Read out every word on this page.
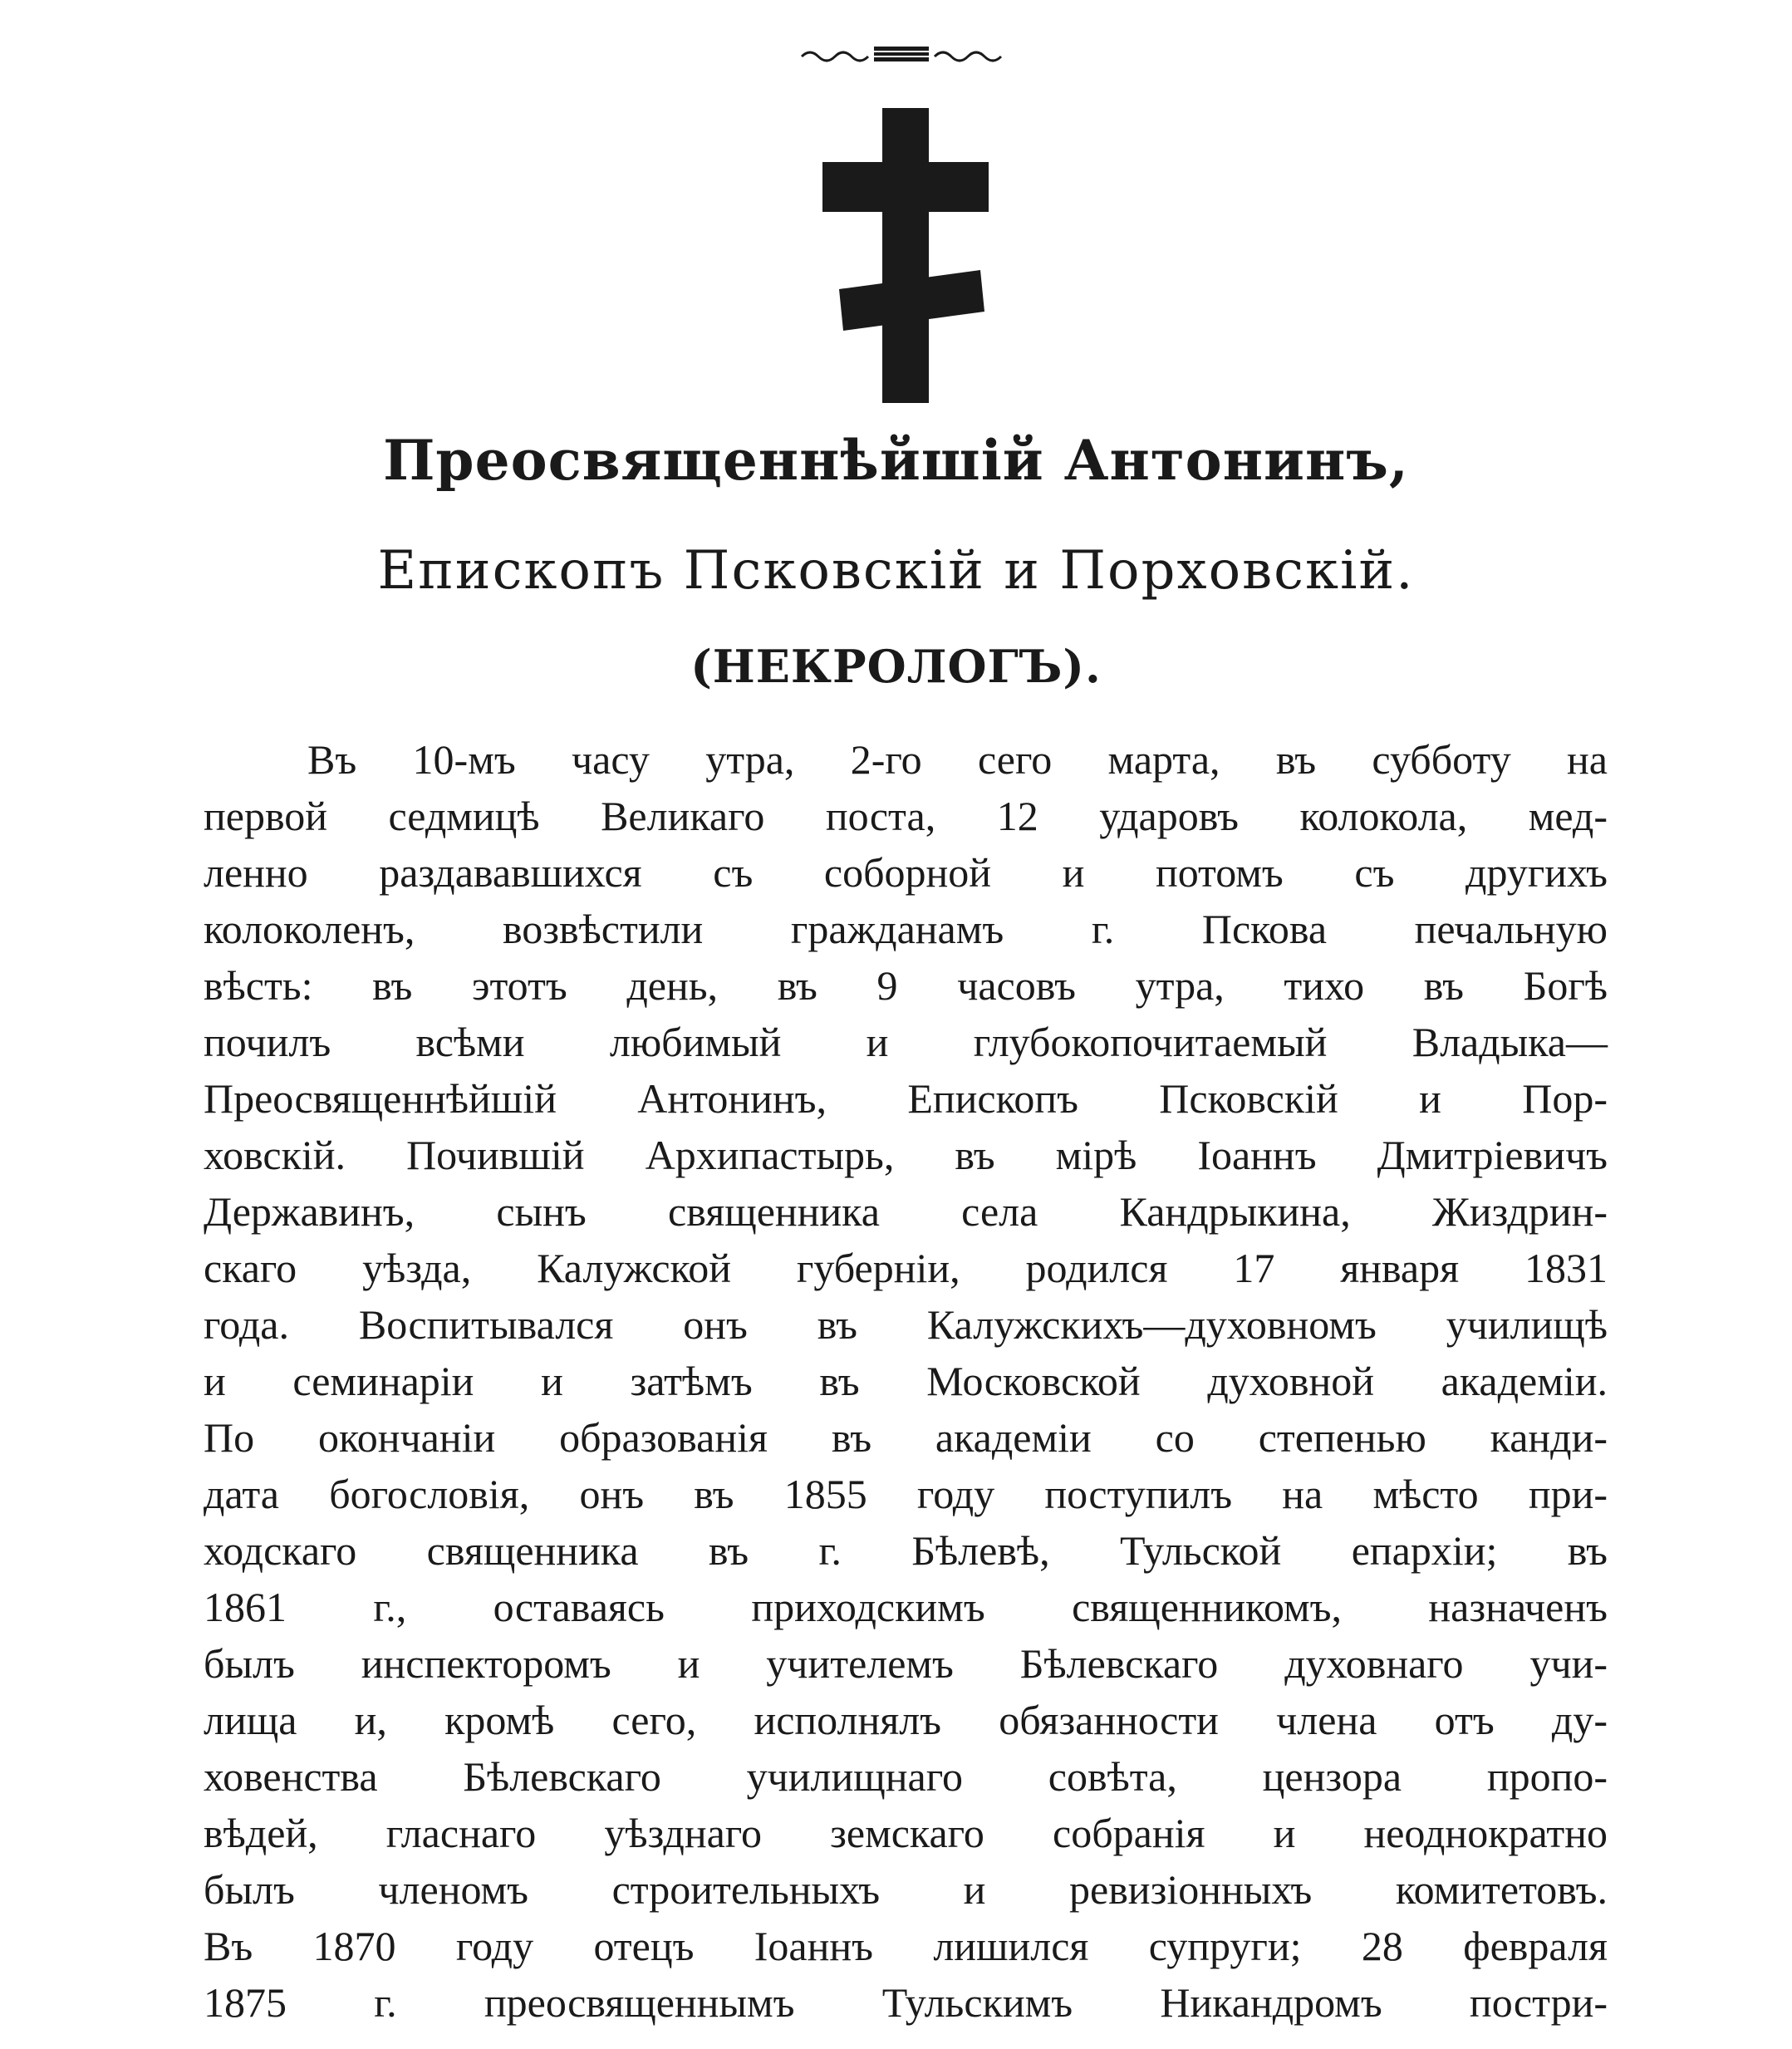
Преосвященнѣйшій Антонинъ,
Епископъ Псковскій и Порховскій.
(НЕКРОЛОГЪ).
Въ 10-мъ часу утра, 2-го сего марта, въ субботу на
первой седмицѣ Великаго поста, 12 ударовъ колокола, мед-
ленно раздававшихся съ соборной и потомъ съ другихъ
колоколенъ, возвѣстили гражданамъ г. Пскова печальную
вѣсть: въ этотъ день, въ 9 часовъ утра, тихо въ Богѣ
почилъ всѣми любимый и глубокопочитаемый Владыка—
Преосвященнѣйшій Антонинъ, Епископъ Псковскій и Пор-
ховскій. Почившій Архипастырь, въ мірѣ Іоаннъ Дмитріевичъ
Державинъ, сынъ священника села Кандрыкина, Жиздрин-
скаго уѣзда, Калужской губерніи, родился 17 января 1831
года. Воспитывался онъ въ Калужскихъ—духовномъ училищѣ
и семинаріи и затѣмъ въ Московской духовной академіи.
По окончаніи образованія въ академіи со степенью канди-
дата богословія, онъ въ 1855 году поступилъ на мѣсто при-
ходскаго священника въ г. Бѣлевѣ, Тульской епархіи; въ
1861 г., оставаясь приходскимъ священникомъ, назначенъ
былъ инспекторомъ и учителемъ Бѣлевскаго духовнаго учи-
лища и, кромѣ сего, исполнялъ обязанности члена отъ ду-
ховенства Бѣлевскаго училищнаго совѣта, цензора пропо-
вѣдей, гласнаго уѣзднаго земскаго собранія и неоднократно
былъ членомъ строительныхъ и ревизіонныхъ комитетовъ.
Въ 1870 году отецъ Іоаннъ лишился супруги; 28 февраля
1875 г. преосвященнымъ Тульскимъ Никандромъ постри-
